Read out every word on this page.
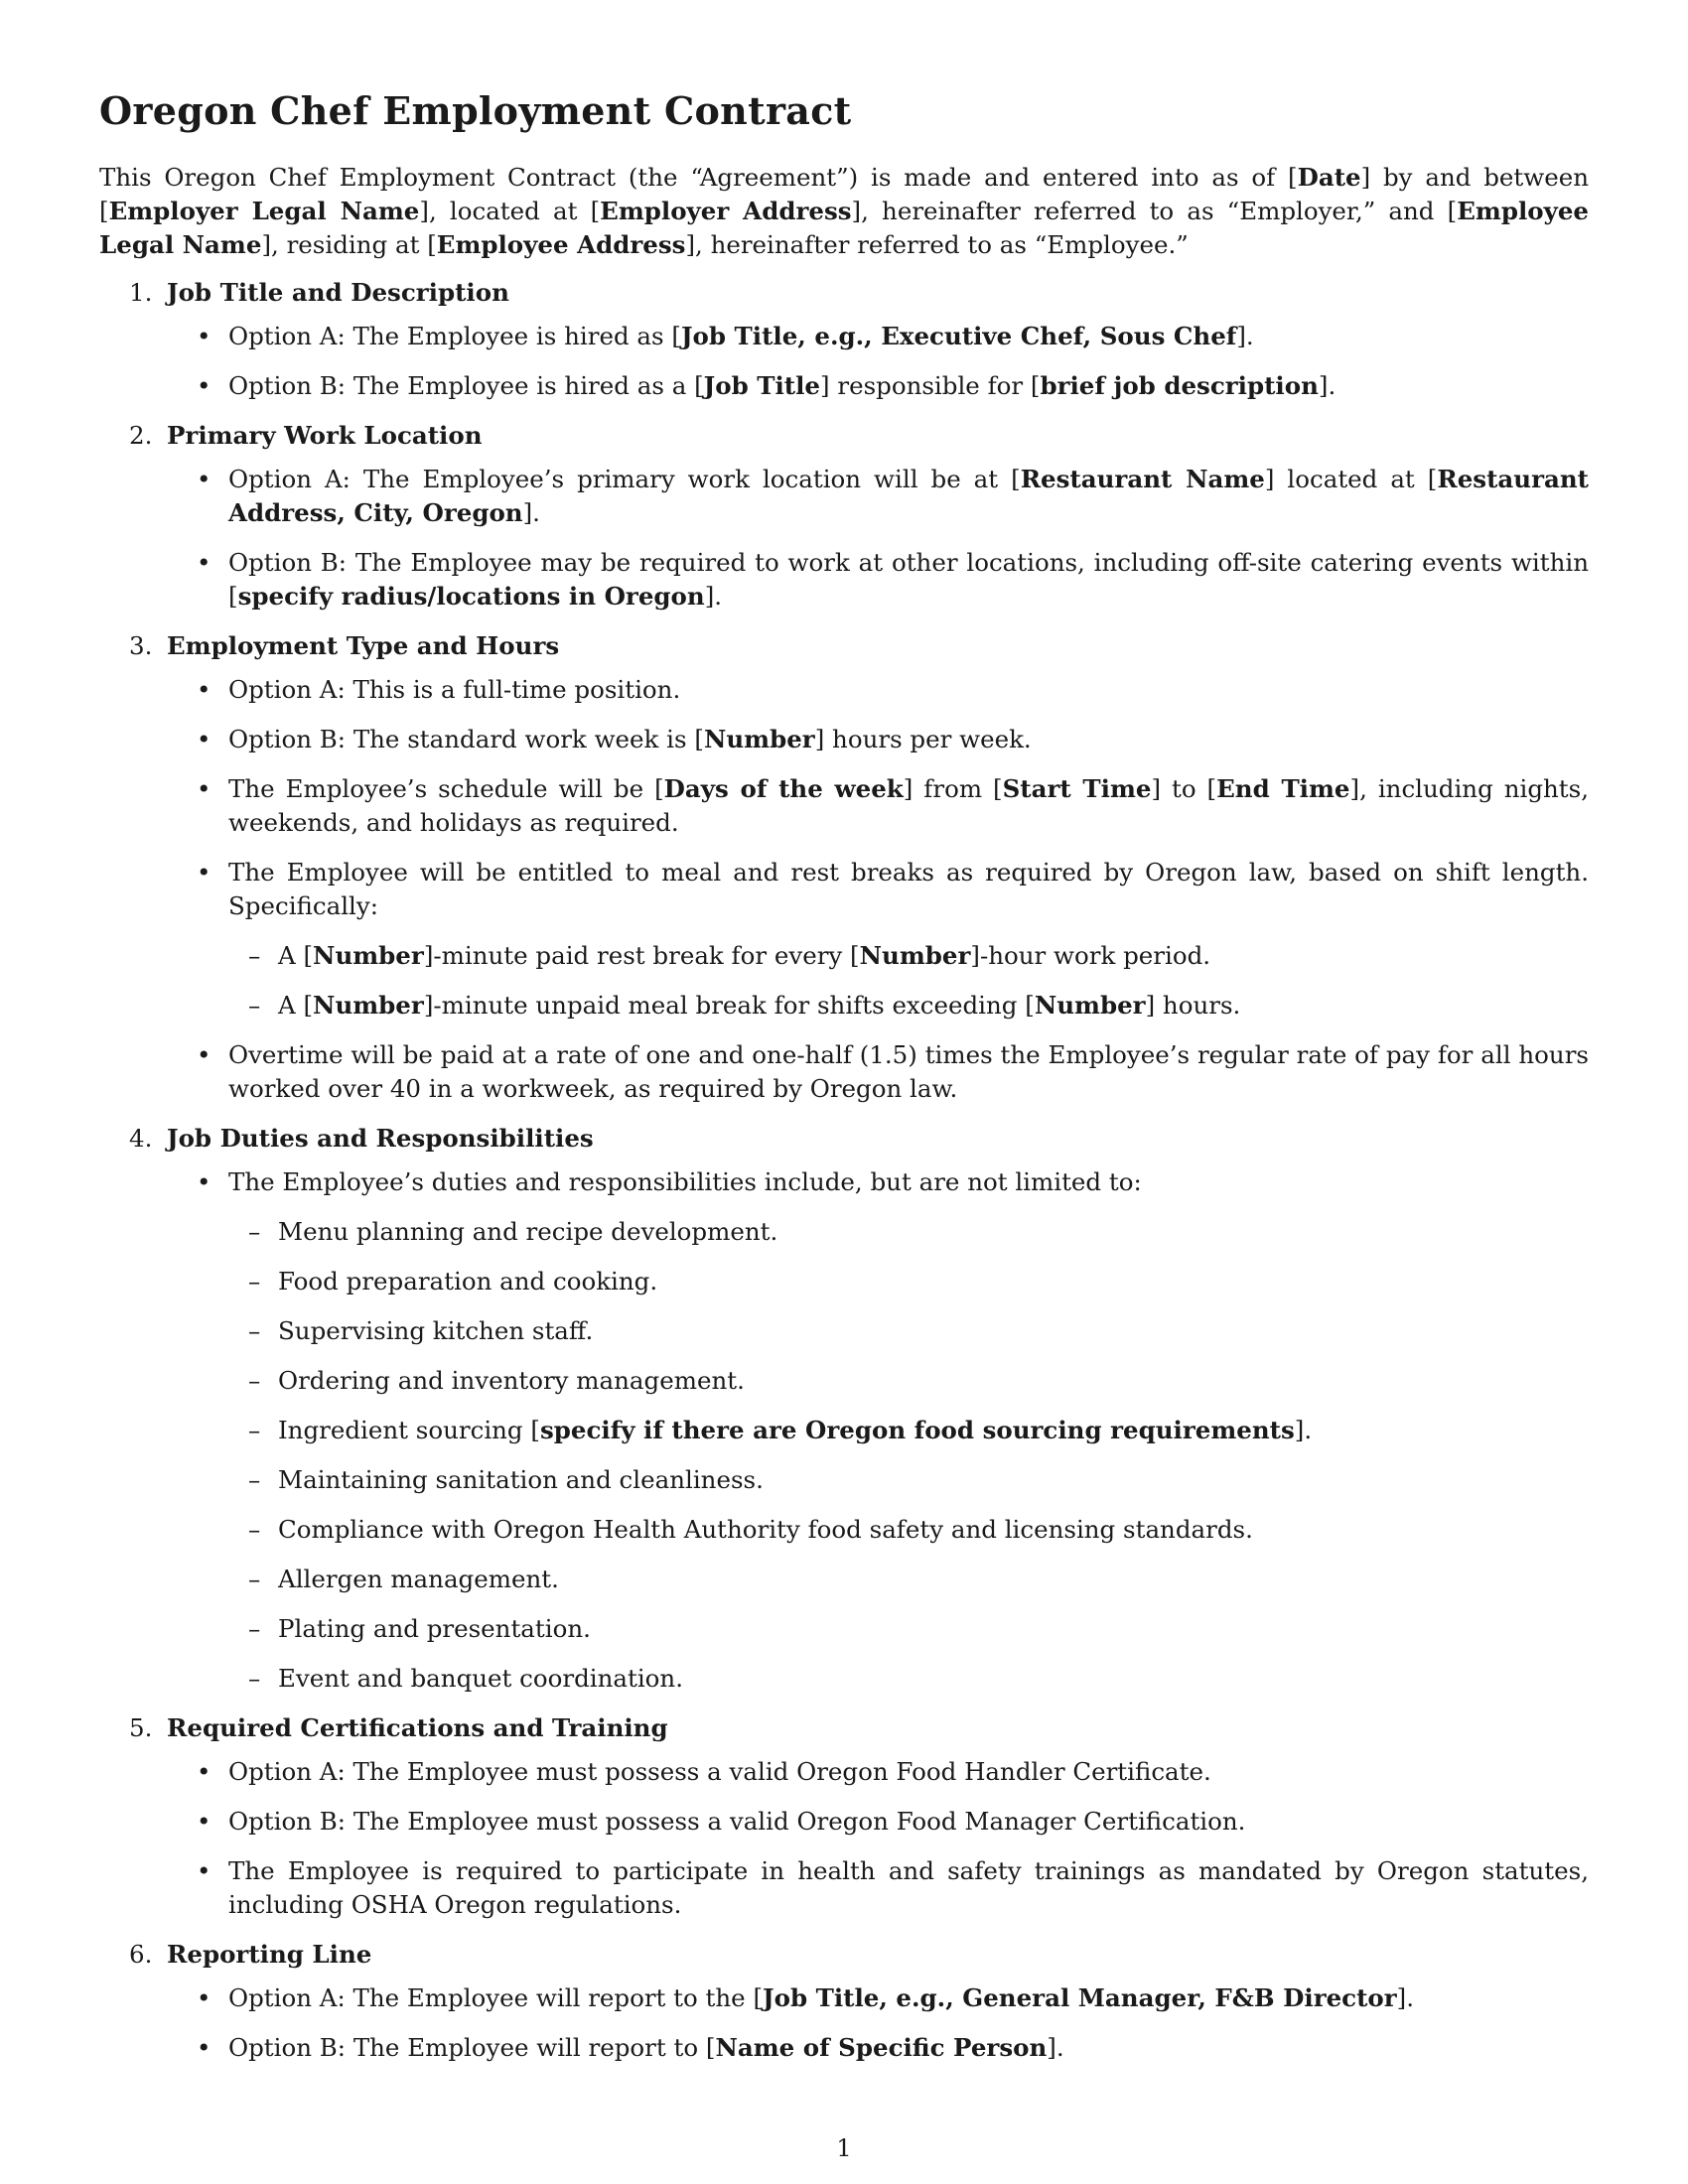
Oregon Chef Employment Contract

This Oregon Chef Employment Contract (the “Agreement”) is made and entered into as of [Date] by and between [Employer Legal Name], located at [Employer Address], hereinafter referred to as “Employer,” and [Employee Legal Name], residing at [Employee Address], hereinafter referred to as “Employee.”

1. Job Title and Description
• Option A: The Employee is hired as [Job Title, e.g., Executive Chef, Sous Chef].
• Option B: The Employee is hired as a [Job Title] responsible for [brief job description].
2. Primary Work Location
• Option A: The Employee’s primary work location will be at [Restaurant Name] located at [Restaurant Address, City, Oregon].
• Option B: The Employee may be required to work at other locations, including off-site catering events within [specify radius/locations in Oregon].
3. Employment Type and Hours
• Option A: This is a full-time position.
• Option B: The standard work week is [Number] hours per week.
• The Employee’s schedule will be [Days of the week] from [Start Time] to [End Time], including nights, weekends, and holidays as required.
• The Employee will be entitled to meal and rest breaks as required by Oregon law, based on shift length. Specifically:
– A [Number]-minute paid rest break for every [Number]-hour work period.
– A [Number]-minute unpaid meal break for shifts exceeding [Number] hours.
• Overtime will be paid at a rate of one and one-half (1.5) times the Employee’s regular rate of pay for all hours worked over 40 in a workweek, as required by Oregon law.
4. Job Duties and Responsibilities
• The Employee’s duties and responsibilities include, but are not limited to:
– Menu planning and recipe development.
– Food preparation and cooking.
– Supervising kitchen staff.
– Ordering and inventory management.
– Ingredient sourcing [specify if there are Oregon food sourcing requirements].
– Maintaining sanitation and cleanliness.
– Compliance with Oregon Health Authority food safety and licensing standards.
– Allergen management.
– Plating and presentation.
– Event and banquet coordination.
5. Required Certifications and Training
• Option A: The Employee must possess a valid Oregon Food Handler Certificate.
• Option B: The Employee must possess a valid Oregon Food Manager Certification.
• The Employee is required to participate in health and safety trainings as mandated by Oregon statutes, including OSHA Oregon regulations.
6. Reporting Line
• Option A: The Employee will report to the [Job Title, e.g., General Manager, F&B Director].
• Option B: The Employee will report to [Name of Specific Person].
1
